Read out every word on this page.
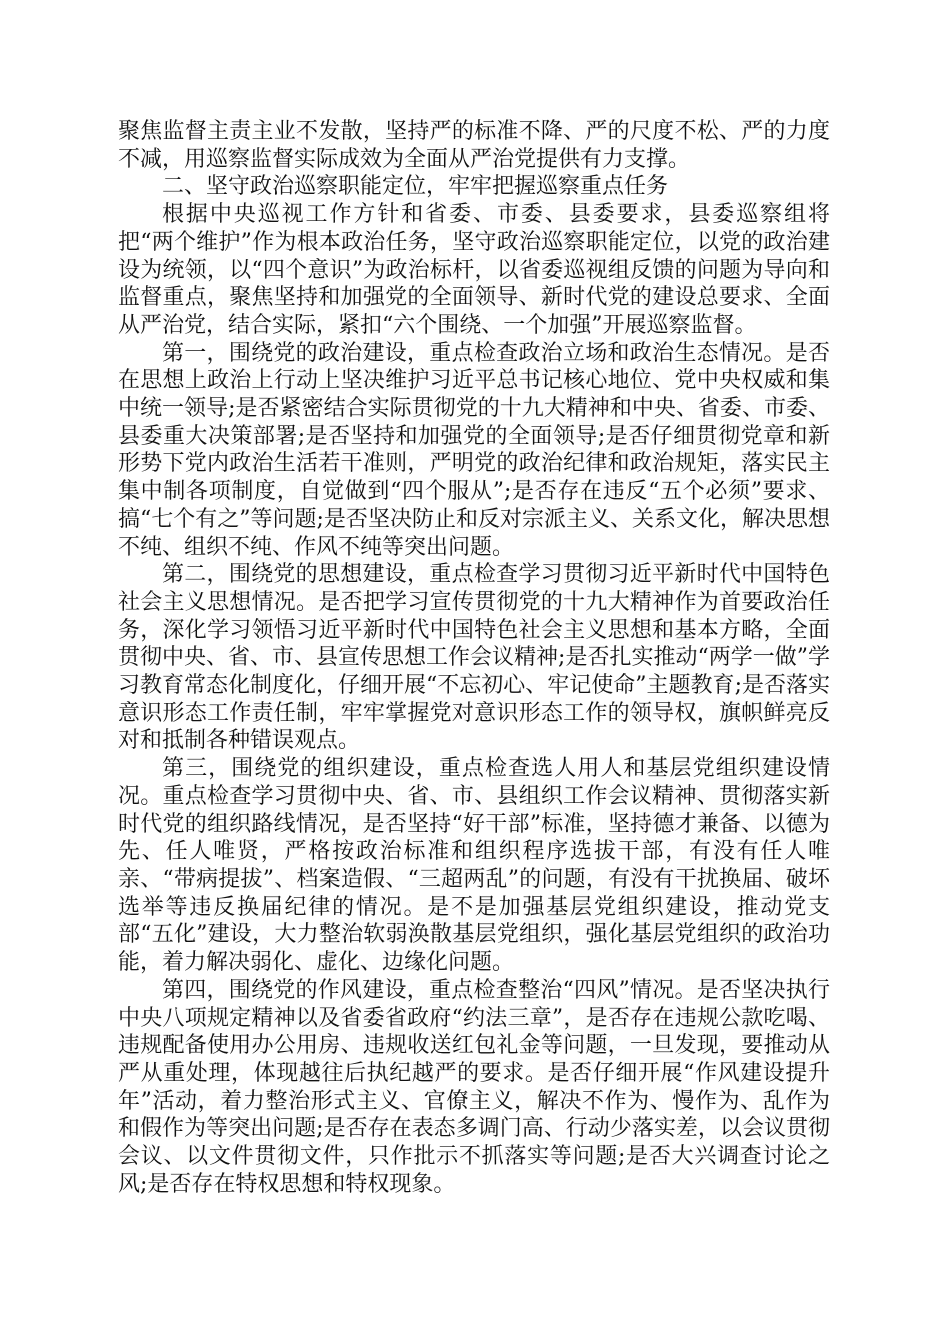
聚焦监督主责主业不发散，坚持严的标准不降、严的尺度不松、严的力度不减，用巡察监督实际成效为全面从严治党提供有力支撑。

二、坚守政治巡察职能定位，牢牢把握巡察重点任务

根据中央巡视工作方针和省委、市委、县委要求，县委巡察组将把“两个维护”作为根本政治任务，坚守政治巡察职能定位，以党的政治建设为统领，以“四个意识”为政治标杆，以省委巡视组反馈的问题为导向和监督重点，聚焦坚持和加强党的全面领导、新时代党的建设总要求、全面从严治党，结合实际，紧扣“六个围绕、一个加强”开展巡察监督。

第一，围绕党的政治建设，重点检查政治立场和政治生态情况。是否在思想上政治上行动上坚决维护习近平总书记核心地位、党中央权威和集中统一领导;是否紧密结合实际贯彻党的十九大精神和中央、省委、市委、县委重大决策部署;是否坚持和加强党的全面领导;是否仔细贯彻党章和新形势下党内政治生活若干准则，严明党的政治纪律和政治规矩，落实民主集中制各项制度，自觉做到“四个服从”;是否存在违反“五个必须”要求、搞“七个有之”等问题;是否坚决防止和反对宗派主义、关系文化，解决思想不纯、组织不纯、作风不纯等突出问题。

第二，围绕党的思想建设，重点检查学习贯彻习近平新时代中国特色社会主义思想情况。是否把学习宣传贯彻党的十九大精神作为首要政治任务，深化学习领悟习近平新时代中国特色社会主义思想和基本方略，全面贯彻中央、省、市、县宣传思想工作会议精神;是否扎实推动“两学一做”学习教育常态化制度化，仔细开展“不忘初心、牢记使命”主题教育;是否落实意识形态工作责任制，牢牢掌握党对意识形态工作的领导权，旗帜鲜亮反对和抵制各种错误观点。

第三，围绕党的组织建设，重点检查选人用人和基层党组织建设情况。重点检查学习贯彻中央、省、市、县组织工作会议精神、贯彻落实新时代党的组织路线情况，是否坚持“好干部”标准，坚持德才兼备、以德为先、任人唯贤，严格按政治标准和组织程序选拔干部，有没有任人唯亲、“带病提拔”、档案造假、“三超两乱”的问题，有没有干扰换届、破坏选举等违反换届纪律的情况。是不是加强基层党组织建设，推动党支部“五化”建设，大力整治软弱涣散基层党组织，强化基层党组织的政治功能，着力解决弱化、虚化、边缘化问题。

第四，围绕党的作风建设，重点检查整治“四风”情况。是否坚决执行中央八项规定精神以及省委省政府“约法三章”，是否存在违规公款吃喝、违规配备使用办公用房、违规收送红包礼金等问题，一旦发现，要推动从严从重处理，体现越往后执纪越严的要求。是否仔细开展“作风建设提升年”活动，着力整治形式主义、官僚主义，解决不作为、慢作为、乱作为和假作为等突出问题;是否存在表态多调门高、行动少落实差，以会议贯彻会议、以文件贯彻文件，只作批示不抓落实等问题;是否大兴调查讨论之风;是否存在特权思想和特权现象。
